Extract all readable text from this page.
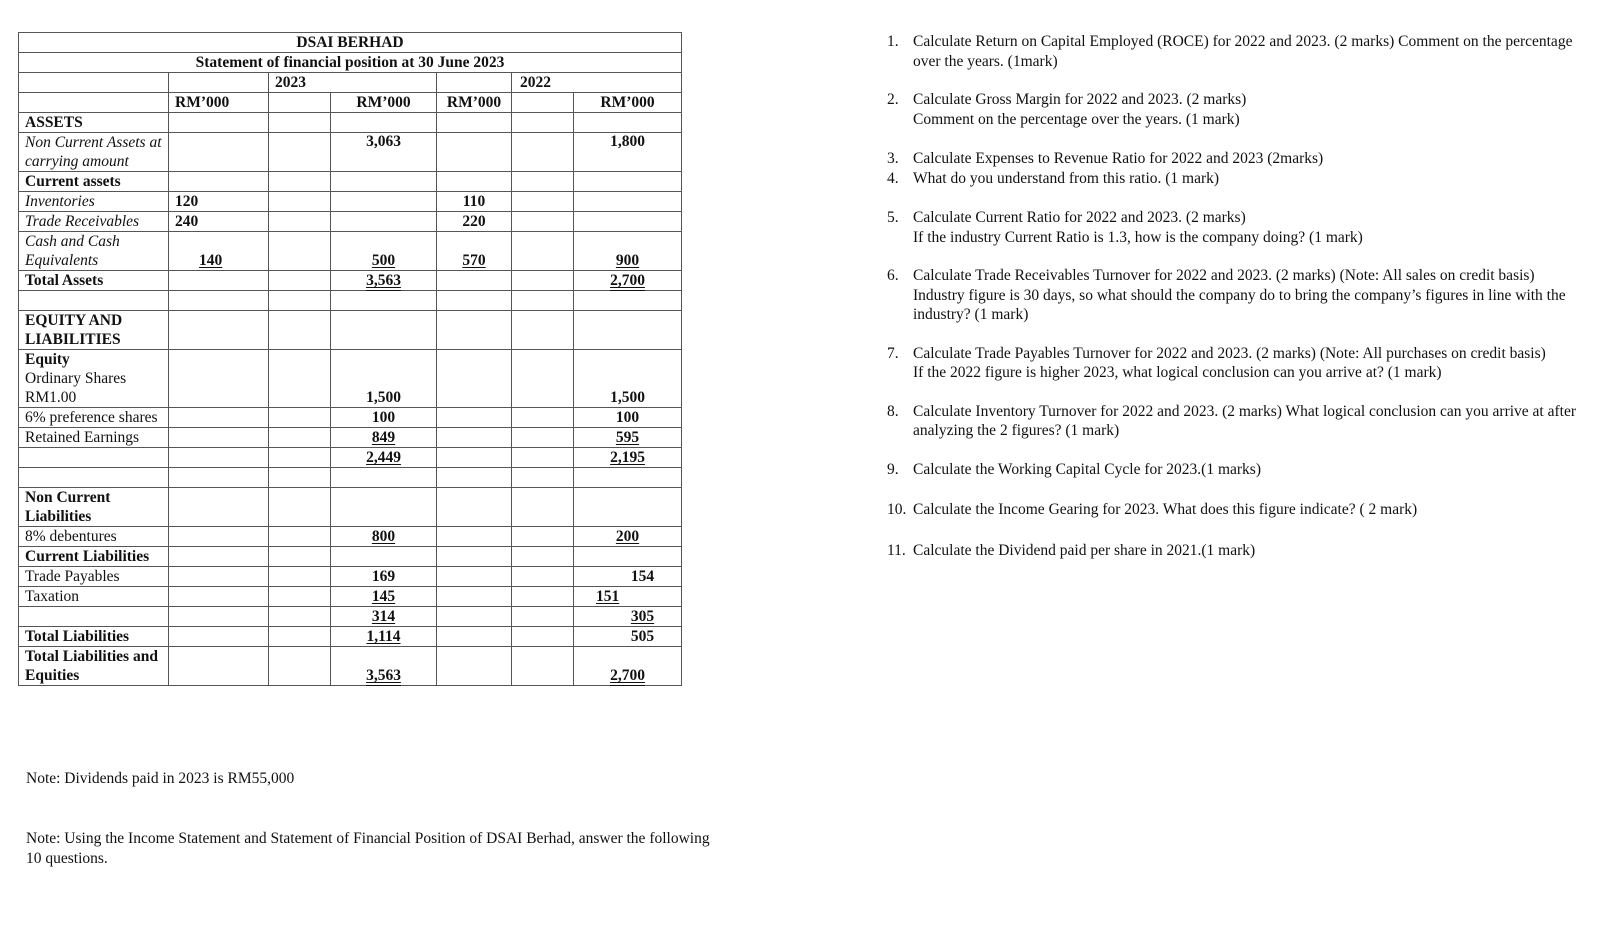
DSAI BERHAD						
Statement of financial position at 30 June 2023						
		2023			2022	
	RM’000		RM’000	RM’000		RM’000
ASSETS						
Non Current Assets at carrying amount			3,063			1,800
Current assets						
Inventories	120			110		
Trade Receivables	240			220		
Cash and Cash Equivalents	140		500	570		900
Total Assets			3,563			2,700

EQUITY AND LIABILITIES						
Equity
Ordinary Shares RM1.00			1,500			1,500
6% preference shares			100			100
Retained Earnings			849			595
			2,449			2,195

Non Current Liabilities						
8% debentures			800			200
Current Liabilities						
Trade Payables			169			154
Taxation			145			151
			314			305
Total Liabilities			1,114			505
Total Liabilities and Equities			3,563			2,700
Note: Dividends paid in 2023 is RM55,000
Note: Using the Income Statement and Statement of Financial Position of DSAI Berhad, answer the following 10 questions.
1. Calculate Return on Capital Employed (ROCE) for 2022 and 2023. (2 marks) Comment on the percentage over the years. (1mark)
2. Calculate Gross Margin for 2022 and 2023. (2 marks)
Comment on the percentage over the years. (1 mark)
3. Calculate Expenses to Revenue Ratio for 2022 and 2023 (2marks)
4. What do you understand from this ratio. (1 mark)
5. Calculate Current Ratio for 2022 and 2023. (2 marks)
If the industry Current Ratio is 1.3, how is the company doing? (1 mark)
6. Calculate Trade Receivables Turnover for 2022 and 2023. (2 marks) (Note: All sales on credit basis)
Industry figure is 30 days, so what should the company do to bring the company’s figures in line with the industry? (1 mark)
7. Calculate Trade Payables Turnover for 2022 and 2023. (2 marks) (Note: All purchases on credit basis)
If the 2022 figure is higher 2023, what logical conclusion can you arrive at? (1 mark)
8. Calculate Inventory Turnover for 2022 and 2023. (2 marks) What logical conclusion can you arrive at after analyzing the 2 figures? (1 mark)
9. Calculate the Working Capital Cycle for 2023.(1 marks)
10. Calculate the Income Gearing for 2023. What does this figure indicate? ( 2 mark)
11. Calculate the Dividend paid per share in 2021.(1 mark)
